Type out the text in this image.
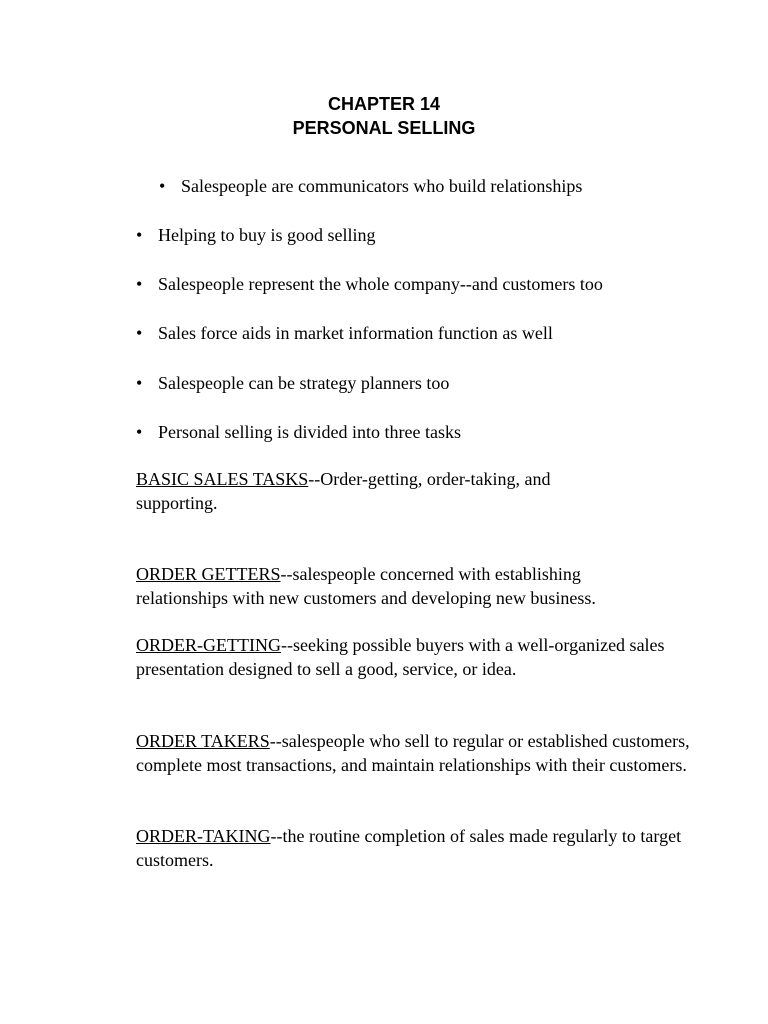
CHAPTER 14
PERSONAL SELLING
• Salespeople are communicators who build relationships
• Helping to buy is good selling
• Salespeople represent the whole company--and customers too
• Sales force aids in market information function as well
• Salespeople can be strategy planners too
• Personal selling is divided into three tasks
BASIC SALES TASKS--Order-getting, order-taking, and supporting.
ORDER GETTERS--salespeople concerned with establishing relationships with new customers and developing new business.
ORDER-GETTING--seeking possible buyers with a well-organized sales presentation designed to sell a good, service, or idea.
ORDER TAKERS--salespeople who sell to regular or established customers, complete most transactions, and maintain relationships with their customers.
ORDER-TAKING--the routine completion of sales made regularly to target customers.
